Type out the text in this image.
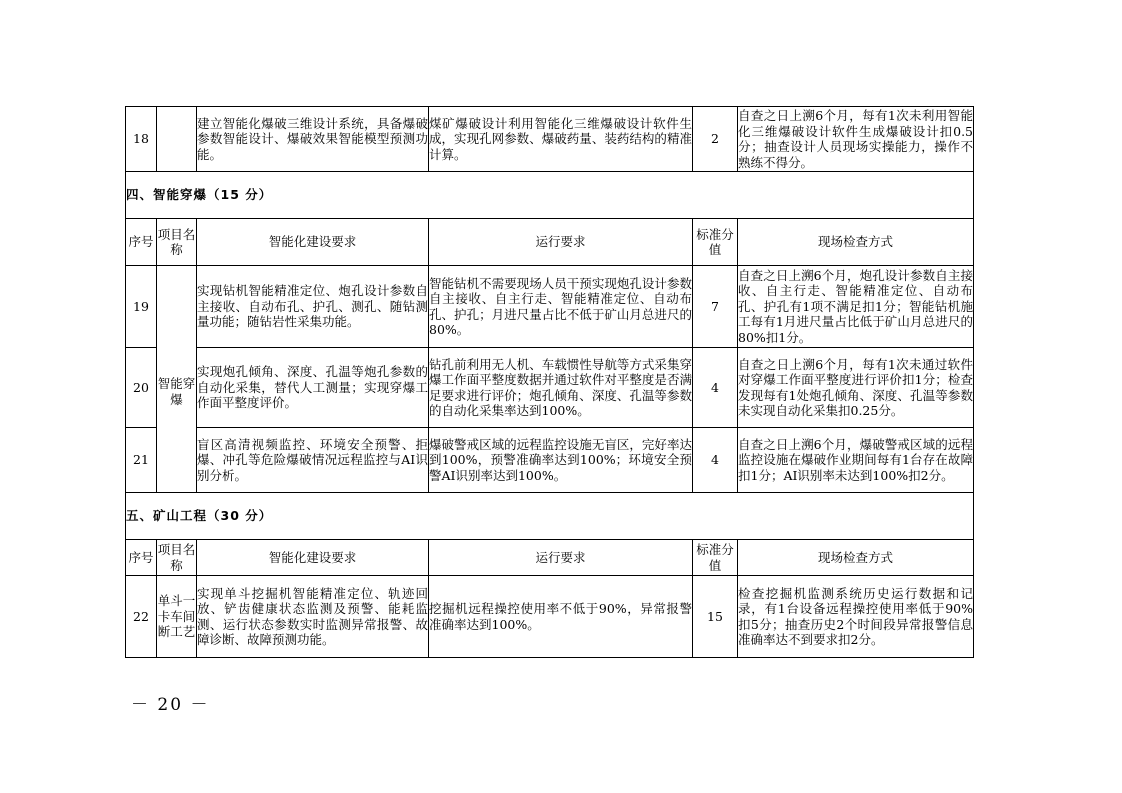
18		建立智能化爆破三维设计系统，具备爆破参数智能设计、爆破效果智能模型预测功能。	煤矿爆破设计利用智能化三维爆破设计软件生成，实现孔网参数、爆破药量、装药结构的精准计算。	2	自查之日上溯6个月，每有1次未利用智能化三维爆破设计软件生成爆破设计扣0.5分；抽查设计人员现场实操能力，操作不熟练不得分。
四、智能穿爆（15 分）					
序号	项目名称	智能化建设要求	运行要求	标准分值	现场检查方式
19	智能穿爆	实现钻机智能精准定位、炮孔设计参数自主接收、自动布孔、护孔、测孔、随钻测量功能；随钻岩性采集功能。	智能钻机不需要现场人员干预实现炮孔设计参数自主接收、自主行走、智能精准定位、自动布孔、护孔；月进尺量占比不低于矿山月总进尺的80%。	7	自查之日上溯6个月，炮孔设计参数自主接收、自主行走、智能精准定位、自动布孔、护孔有1项不满足扣1分；智能钻机施工每有1月进尺量占比低于矿山月总进尺的80%扣1分。
20		实现炮孔倾角、深度、孔温等炮孔参数的自动化采集，替代人工测量；实现穿爆工作面平整度评价。	钻孔前利用无人机、车载惯性导航等方式采集穿爆工作面平整度数据并通过软件对平整度是否满足要求进行评价；炮孔倾角、深度、孔温等参数的自动化采集率达到100%。	4	自查之日上溯6个月，每有1次未通过软件对穿爆工作面平整度进行评价扣1分；检查发现每有1处炮孔倾角、深度、孔温等参数未实现自动化采集扣0.25分。
21		盲区高清视频监控、环境安全预警、拒爆、冲孔等危险爆破情况远程监控与AI识别分析。	爆破警戒区域的远程监控设施无盲区，完好率达到100%，预警准确率达到100%；环境安全预警AI识别率达到100%。	4	自查之日上溯6个月，爆破警戒区域的远程监控设施在爆破作业期间每有1台存在故障扣1分；AI识别率未达到100%扣2分。
五、矿山工程（30 分）					
序号	项目名称	智能化建设要求	运行要求	标准分值	现场检查方式
22	单斗一卡车间断工艺	实现单斗挖掘机智能精准定位、轨迹回放、铲齿健康状态监测及预警、能耗监测、运行状态参数实时监测异常报警、故障诊断、故障预测功能。	挖掘机远程操控使用率不低于90%，异常报警准确率达到100%。	15	检查挖掘机监测系统历史运行数据和记录，有1台设备远程操控使用率低于90%扣5分；抽查历史2个时间段异常报警信息准确率达不到要求扣2分。
－ 20 －
